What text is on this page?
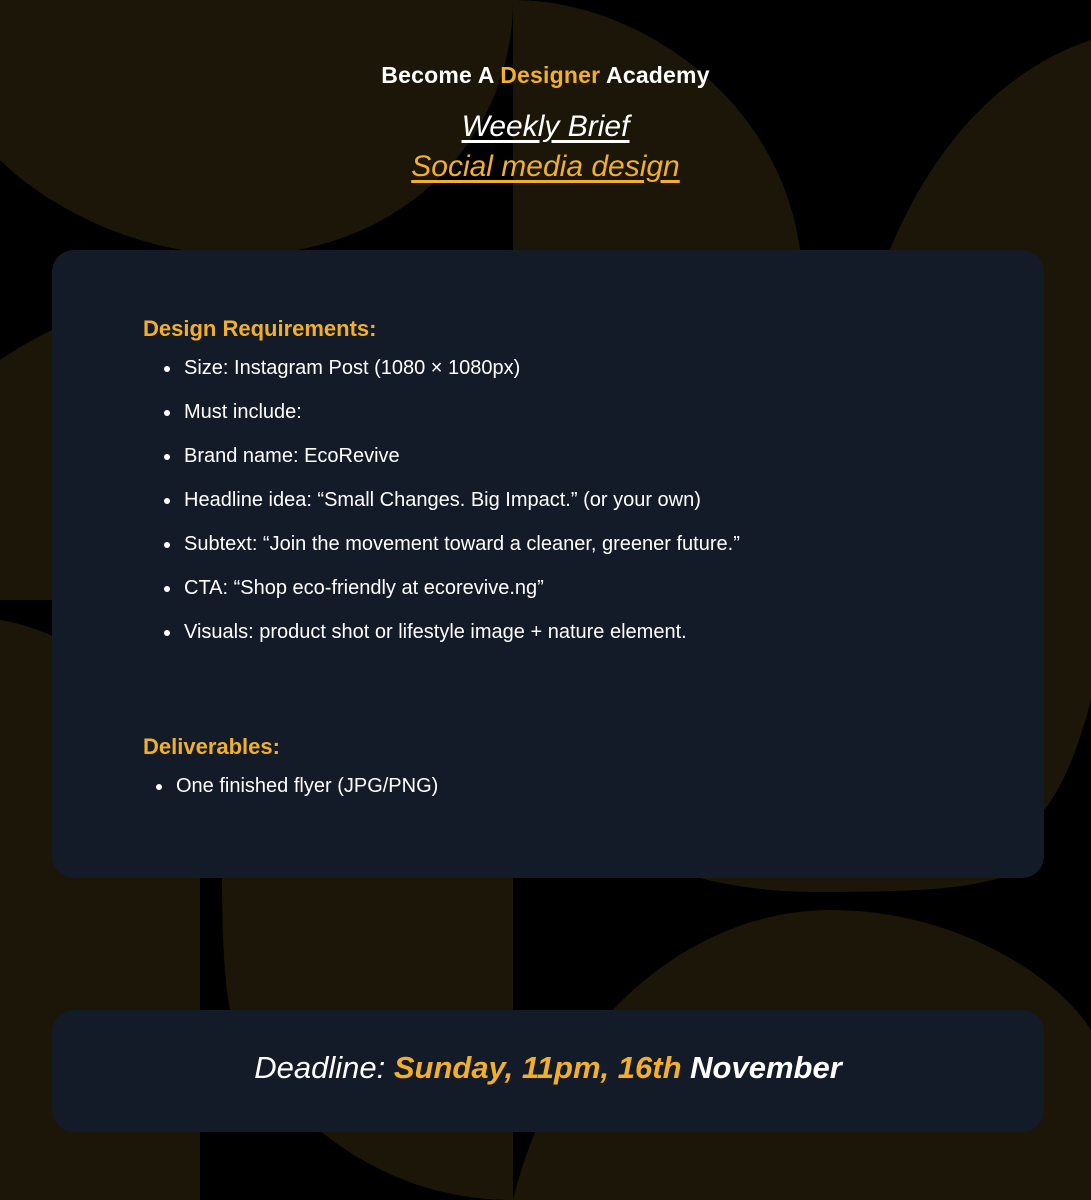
Become A Designer Academy
Weekly Brief
Social media design
Design Requirements:
Size: Instagram Post (1080 × 1080px)
Must include:
Brand name: EcoRevive
Headline idea: “Small Changes. Big Impact.” (or your own)
Subtext: “Join the movement toward a cleaner, greener future.”
CTA: “Shop eco-friendly at ecorevive.ng”
Visuals: product shot or lifestyle image + nature element.
Deliverables:
One finished flyer (JPG/PNG)
Deadline: Sunday, 11pm, 16th November
